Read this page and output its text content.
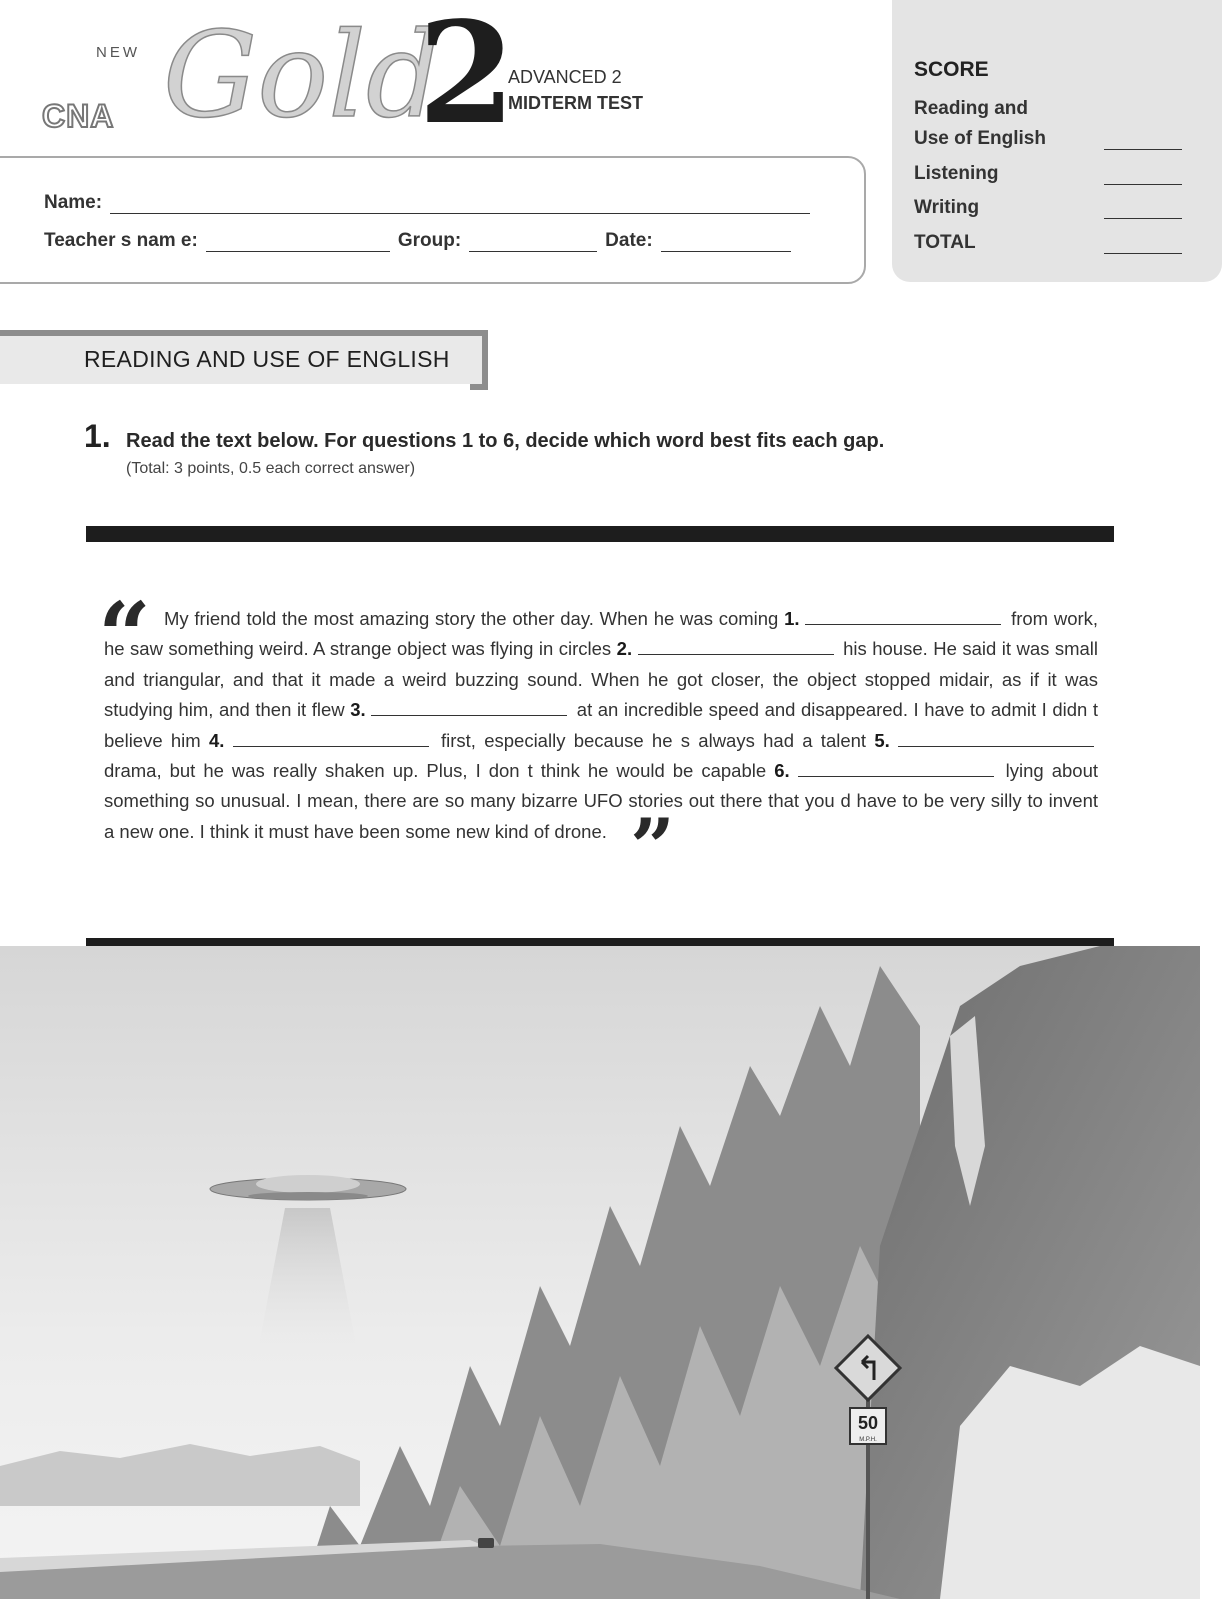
NEW
CNA Gold
2
ADVANCED 2
MIDTERM TEST
Name:
Teacher s nam e:	Group:	Date:
SCORE
Reading and
Use of English
Listening
Writing
TOTAL
READING AND USE OF ENGLISH
1. Read the text below. For questions 1 to 6, decide which word best fits each gap.
(Total: 3 points, 0.5 each correct answer)
“ My friend told the most amazing story the other day. When he was coming 1.	from work, he saw something weird. A strange object was flying in circles 2.	his house. He said it was small and triangular, and that it made a weird buzzing sound. When he got closer, the object stopped midair, as if it was studying him, and then it flew 3.	at an incredible speed and disappeared. I have to admit I didn t believe him 4.	first, especially because he s always had a talent 5.  drama, but he was really shaken up. Plus, I don t think he would be capable 6.	lying about something so unusual. I mean, there are so many bizarre UFO stories out there that you d have to be very silly to invent a new one. I think it must have been some new kind of drone. ”
50
M.P.H.
